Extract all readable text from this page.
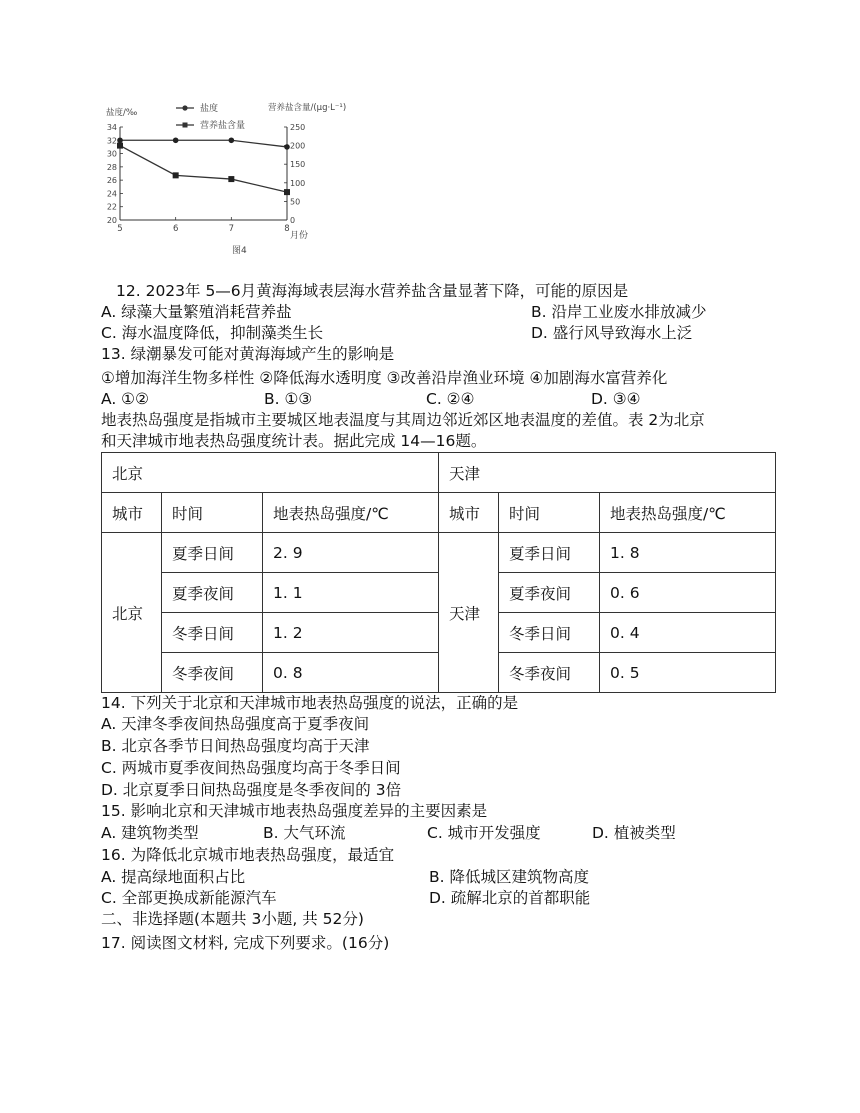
盐度/‰	营养盐含量/(μg·L⁻¹)
盐度
营养盐含量
34
32
30
28
26
24
22
20
250
200
150
100
50
0
5	6	7	8
月份
图4
12. 2023年 5—6月黄海海域表层海水营养盐含量显著下降，可能的原因是
A. 绿藻大量繁殖消耗营养盐	B. 沿岸工业废水排放减少
C. 海水温度降低，抑制藻类生长	D. 盛行风导致海水上泛
13. 绿潮暴发可能对黄海海域产生的影响是
①增加海洋生物多样性 ②降低海水透明度 ③改善沿岸渔业环境 ④加剧海水富营养化
A. ①②	B. ①③	C. ②④	D. ③④
地表热岛强度是指城市主要城区地表温度与其周边邻近郊区地表温度的差值。表 2为北京
和天津城市地表热岛强度统计表。据此完成 14—16题。
北京			天津		
城市	时间	地表热岛强度/℃	城市	时间	地表热岛强度/℃
北京	夏季日间	2. 9	天津	夏季日间	1. 8
	夏季夜间	1. 1		夏季夜间	0. 6
	冬季日间	1. 2		冬季日间	0. 4
	冬季夜间	0. 8		冬季夜间	0. 5
14. 下列关于北京和天津城市地表热岛强度的说法，正确的是
A. 天津冬季夜间热岛强度高于夏季夜间
B. 北京各季节日间热岛强度均高于天津
C. 两城市夏季夜间热岛强度均高于冬季日间
D. 北京夏季日间热岛强度是冬季夜间的 3倍
15. 影响北京和天津城市地表热岛强度差异的主要因素是
A. 建筑物类型	B. 大气环流	C. 城市开发强度	D. 植被类型
16. 为降低北京城市地表热岛强度，最适宜
A. 提高绿地面积占比	B. 降低城区建筑物高度
C. 全部更换成新能源汽车	D. 疏解北京的首都职能
二、非选择题(本题共 3小题, 共 52分)
17. 阅读图文材料, 完成下列要求。(16分)
